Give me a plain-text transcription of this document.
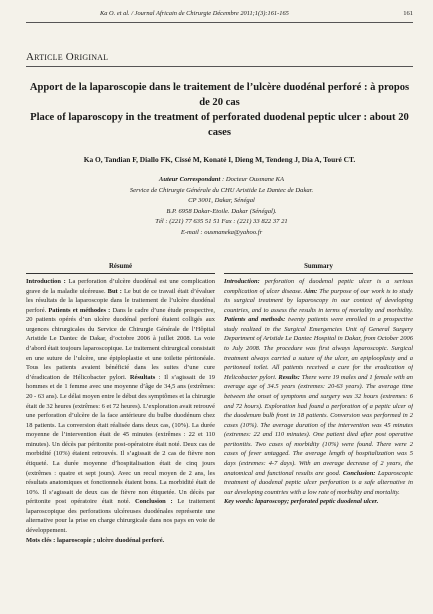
Ka O. et al. / Journal Africain de Chirurgie Décembre 2011;1(3):161-165	161
Article Original
Apport de la laparoscopie dans le traitement de l’ulcère duodénal perforé : à propos de 20 cas
Place of laparoscopy in the treatment of perforated duodenal peptic ulcer : about 20 cases
Ka O, Tandian F, Diallo FK, Cissé M, Konaté I, Dieng M, Tendeng J, Dia A, Touré CT.
Auteur Correspondant : Docteur Ousmane KA
Service de Chirurgie Générale du CHU Aristide Le Dantec de Dakar.
CP 3001, Dakar, Sénégal
B.P. 6958 Dakar-Etoile. Dakar (Sénégal).
Tél : (221) 77 635 51 51 Fax : (221) 33 822 37 21
E-mail : ousmaneka@yahoo.fr
Résumé
Introduction : La perforation d’ulcère duodénal est une complication grave de la maladie ulcéreuse. But : Le but de ce travail était d’évaluer les résultats de la laparoscopie dans le traitement de l’ulcère duodénal perforé. Patients et méthodes : Dans le cadre d’une étude prospective, 20 patients opérés d’un ulcère duodénal perforé étaient colligés aux urgences chirurgicales du Service de Chirurgie Générale de l’Hôpital Aristide Le Dantec de Dakar, d’octobre 2006 à juillet 2008. La voie d’abord était toujours laparoscopique. Le traitement chirurgical consistait en une suture de l’ulcère, une épiploplastie et une toilette péritonéale. Tous les patients avaient bénéficié dans les suites d’une cure d’éradication de Hélicobacter pylori. Résultats : Il s’agissait de 19 hommes et de 1 femme avec une moyenne d’âge de 34,5 ans (extrêmes: 20 - 63 ans). Le délai moyen entre le début des symptômes et la chirurgie était de 32 heures (extrêmes: 6 et 72 heures). L’exploration avait retrouvé une perforation d’ulcère de la face antérieure du bulbe duodénum chez 18 patients. La conversion était réalisée dans deux cas, (10%). La durée moyenne de l’intervention était de 45 minutes (extrêmes : 22 et 110 minutes). Un décès par péritonite post-opératoire était noté. Deux cas de morbidité (10%) étaient retrouvés. Il s’agissait de 2 cas de fièvre non étiqueté. La durée moyenne d’hospitalisation était de cinq jours (extrêmes : quatre et sept jours). Avec un recul moyen de 2 ans, les résultats anatomiques et fonctionnels étaient bons. La morbidité était de 10%. Il s’agissait de deux cas de fièvre non étiquetée. Un décès par péritonite post opératoire était noté. Conclusion : Le traitement laparoscopique des perforations ulcéreuses duodénales représente une alternative pour la prise en charge chirurgicale dans nos pays en voie de développement.
Mots clés : laparoscopie ; ulcère duodénal perforé.
Summary
Introduction: perforation of duodenal peptic ulcer is a serious complication of ulcer disease. Aim: The purpose of our work is to study its surgical treatment by laparoscopy in our context of developing countries, and to assess the results in terms of mortality and morbidity. Patients and methods: twenty patients were enrolled in a prospective study realized in the Surgical Emergencies Unit of General Surgery Department of Aristide Le Dantec Hospital in Dakar, from October 2006 to July 2008. The procedure was first always laparoscopic. Surgical treatment always carried a suture of the ulcer, an epiplooplasty and a peritoneal toilet. All patients received a cure for the eradication of Helicobacter pylori. Results: There were 19 males and 1 female with an average age of 34.5 years (extremes: 20-63 years). The average time between the onset of symptoms and surgery was 32 hours (extremes: 6 and 72 hours). Exploration had found a perforation of a peptic ulcer of the duodenum bulb front in 18 patients. Conversion was performed in 2 cases (10%). The average duration of the intervention was 45 minutes (extremes: 22 and 110 minutes). One patient died after post operative peritonitis. Two cases of morbidity (10%) were found. There were 2 cases of fever untagged. The average length of hospitalization was 5 days (extremes: 4-7 days). With an average decrease of 2 years, the anatomical and functional results are good. Conclusion: Laparoscopic treatment of duodenal peptic ulcer perforation is a safe alternative in our developing countries with a low rate of morbidity and mortality.
Key words: laparoscopy; perforated peptic duodenal ulcer.
